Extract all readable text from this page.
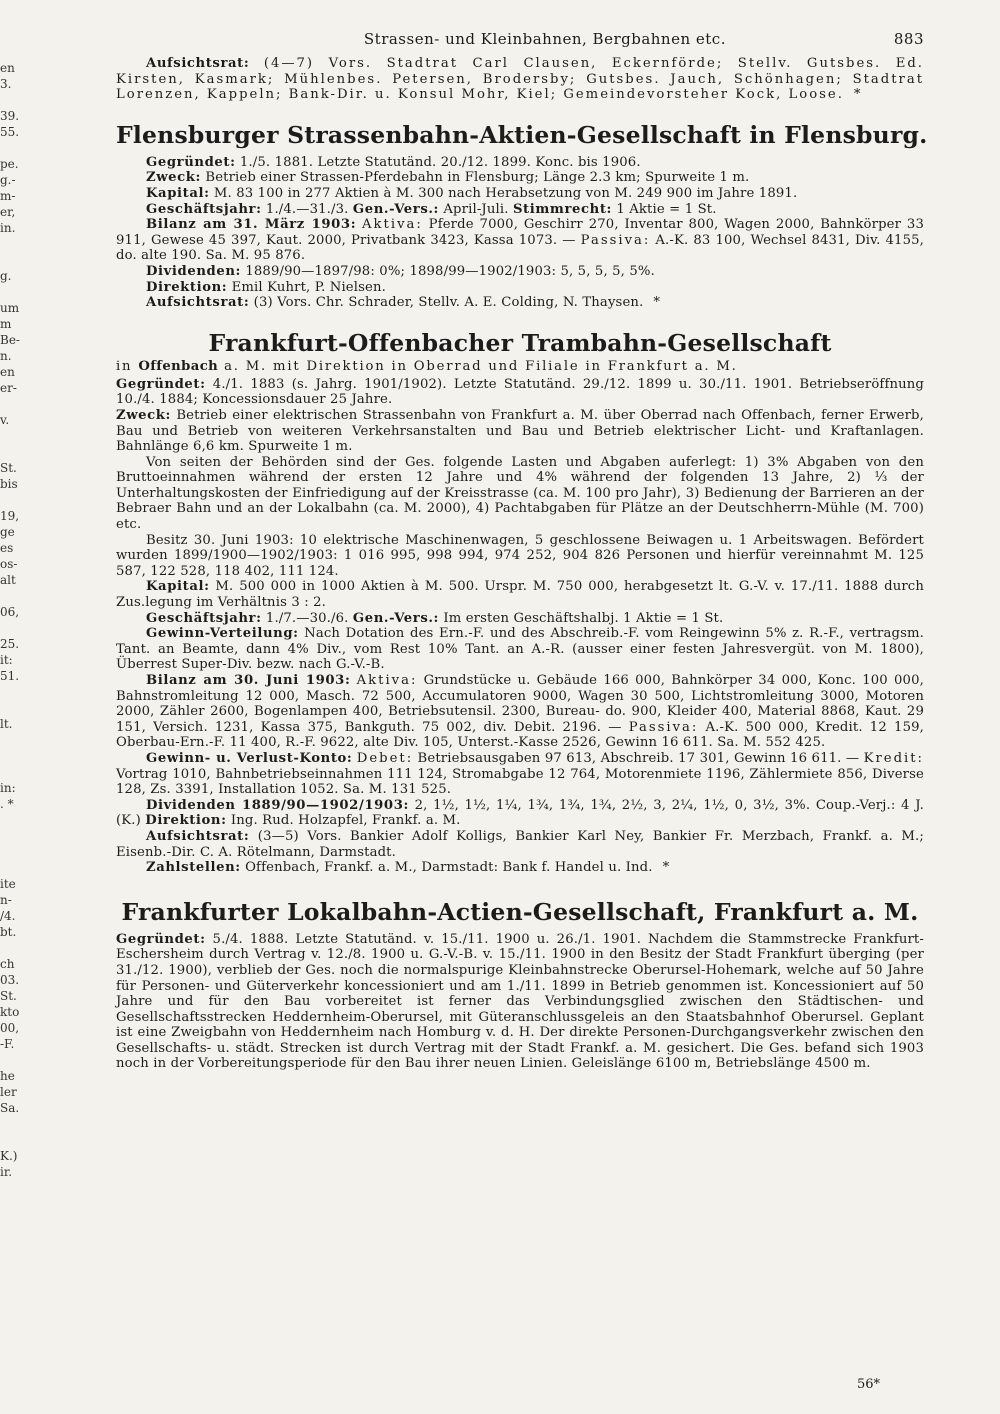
en
3.

39.
55.

pe.
g.-
m-
er,
in.

g.

um
m
Be-
n.
en
er-

v.

St.
bis

19,
ge
es
os-
alt

06,

25.
it:
51.

lt.

in:
. *

ite
n-
/4.
bt.

ch
03.
St.
kto
00,
-F.

he
ler
Sa.

K.)
ir.
Strassen- und Kleinbahnen, Bergbahnen etc.	883

Aufsichtsrat: (4—7) Vors. Stadtrat Carl Clausen, Eckernförde; Stellv. Gutsbes. Ed. Kirsten, Kasmark; Mühlenbes. Petersen, Brodersby; Gutsbes. Jauch, Schönhagen; Stadtrat Lorenzen, Kappeln; Bank-Dir. u. Konsul Mohr, Kiel; Gemeindevorsteher Kock, Loose. *

Flensburger Strassenbahn-Aktien-Gesellschaft in Flensburg.

Gegründet: 1./5. 1881. Letzte Statutänd. 20./12. 1899. Konc. bis 1906.

Zweck: Betrieb einer Strassen-Pferdebahn in Flensburg; Länge 2.3 km; Spurweite 1 m.

Kapital: M. 83 100 in 277 Aktien à M. 300 nach Herabsetzung von M. 249 900 im Jahre 1891.

Geschäftsjahr: 1./4.—31./3. Gen.-Vers.: April-Juli. Stimmrecht: 1 Aktie = 1 St.

Bilanz am 31. März 1903: Aktiva: Pferde 7000, Geschirr 270, Inventar 800, Wagen 2000, Bahnkörper 33 911, Gewese 45 397, Kaut. 2000, Privatbank 3423, Kassa 1073. — Passiva: A.-K. 83 100, Wechsel 8431, Div. 4155, do. alte 190. Sa. M. 95 876.

Dividenden: 1889/90—1897/98: 0%; 1898/99—1902/1903: 5, 5, 5, 5, 5%.

Direktion: Emil Kuhrt, P. Nielsen.

Aufsichtsrat: (3) Vors. Chr. Schrader, Stellv. A. E. Colding, N. Thaysen. *

Frankfurt-Offenbacher Trambahn-Gesellschaft
in Offenbach a. M. mit Direktion in Oberrad und Filiale in Frankfurt a. M.

Gegründet: 4./1. 1883 (s. Jahrg. 1901/1902). Letzte Statutänd. 29./12. 1899 u. 30./11. 1901. Betriebseröffnung 10./4. 1884; Koncessionsdauer 25 Jahre.

Zweck: Betrieb einer elektrischen Strassenbahn von Frankfurt a. M. über Oberrad nach Offenbach, ferner Erwerb, Bau und Betrieb von weiteren Verkehrsanstalten und Bau und Betrieb elektrischer Licht- und Kraftanlagen. Bahnlänge 6,6 km. Spurweite 1 m.

Von seiten der Behörden sind der Ges. folgende Lasten und Abgaben auferlegt: 1) 3% Abgaben von den Bruttoeinnahmen während der ersten 12 Jahre und 4% während der folgenden 13 Jahre, 2) ⅓ der Unterhaltungskosten der Einfriedigung auf der Kreisstrasse (ca. M. 100 pro Jahr), 3) Bedienung der Barrieren an der Bebraer Bahn und an der Lokalbahn (ca. M. 2000), 4) Pachtabgaben für Plätze an der Deutschherrn-Mühle (M. 700) etc.

Besitz 30. Juni 1903: 10 elektrische Maschinenwagen, 5 geschlossene Beiwagen u. 1 Arbeitswagen. Befördert wurden 1899/1900—1902/1903: 1 016 995, 998 994, 974 252, 904 826 Personen und hierfür vereinnahmt M. 125 587, 122 528, 118 402, 111 124.

Kapital: M. 500 000 in 1000 Aktien à M. 500. Urspr. M. 750 000, herabgesetzt lt. G.-V. v. 17./11. 1888 durch Zus.legung im Verhältnis 3 : 2.

Geschäftsjahr: 1./7.—30./6. Gen.-Vers.: Im ersten Geschäftshalbj. 1 Aktie = 1 St.

Gewinn-Verteilung: Nach Dotation des Ern.-F. und des Abschreib.-F. vom Reingewinn 5% z. R.-F., vertragsm. Tant. an Beamte, dann 4% Div., vom Rest 10% Tant. an A.-R. (ausser einer festen Jahresvergüt. von M. 1800), Überrest Super-Div. bezw. nach G.-V.-B.

Bilanz am 30. Juni 1903: Aktiva: Grundstücke u. Gebäude 166 000, Bahnkörper 34 000, Konc. 100 000, Bahnstromleitung 12 000, Masch. 72 500, Accumulatoren 9000, Wagen 30 500, Lichtstromleitung 3000, Motoren 2000, Zähler 2600, Bogenlampen 400, Betriebsutensil. 2300, Bureau- do. 900, Kleider 400, Material 8868, Kaut. 29 151, Versich. 1231, Kassa 375, Bankguth. 75 002, div. Debit. 2196. — Passiva: A.-K. 500 000, Kredit. 12 159, Oberbau-Ern.-F. 11 400, R.-F. 9622, alte Div. 105, Unterst.-Kasse 2526, Gewinn 16 611. Sa. M. 552 425.

Gewinn- u. Verlust-Konto: Debet: Betriebsausgaben 97 613, Abschreib. 17 301, Gewinn 16 611. — Kredit: Vortrag 1010, Bahnbetriebseinnahmen 111 124, Stromabgabe 12 764, Motorenmiete 1196, Zählermiete 856, Diverse 128, Zs. 3391, Installation 1052. Sa. M. 131 525.

Dividenden 1889/90—1902/1903: 2, 1½, 1½, 1¼, 1¾, 1¾, 1¾, 2½, 3, 2¼, 1½, 0, 3½, 3%. Coup.-Verj.: 4 J. (K.) Direktion: Ing. Rud. Holzapfel, Frankf. a. M.

Aufsichtsrat: (3—5) Vors. Bankier Adolf Kolligs, Bankier Karl Ney, Bankier Fr. Merzbach, Frankf. a. M.; Eisenb.-Dir. C. A. Rötelmann, Darmstadt.

Zahlstellen: Offenbach, Frankf. a. M., Darmstadt: Bank f. Handel u. Ind. *

Frankfurter Lokalbahn-Actien-Gesellschaft, Frankfurt a. M.

Gegründet: 5./4. 1888. Letzte Statutänd. v. 15./11. 1900 u. 26./1. 1901. Nachdem die Stammstrecke Frankfurt-Eschersheim durch Vertrag v. 12./8. 1900 u. G.-V.-B. v. 15./11. 1900 in den Besitz der Stadt Frankfurt überging (per 31./12. 1900), verblieb der Ges. noch die normalspurige Kleinbahnstrecke Oberursel-Hohemark, welche auf 50 Jahre für Personen- und Güterverkehr koncessioniert und am 1./11. 1899 in Betrieb genommen ist. Koncessioniert auf 50 Jahre und für den Bau vorbereitet ist ferner das Verbindungsglied zwischen den Städtischen- und Gesellschaftsstrecken Heddernheim-Oberursel, mit Güteranschlussgeleis an den Staatsbahnhof Oberursel. Geplant ist eine Zweigbahn von Heddernheim nach Homburg v. d. H. Der direkte Personen-Durchgangsverkehr zwischen den Gesellschafts- u. städt. Strecken ist durch Vertrag mit der Stadt Frankf. a. M. gesichert. Die Ges. befand sich 1903 noch in der Vorbereitungsperiode für den Bau ihrer neuen Linien. Geleislänge 6100 m, Betriebslänge 4500 m.

56*
